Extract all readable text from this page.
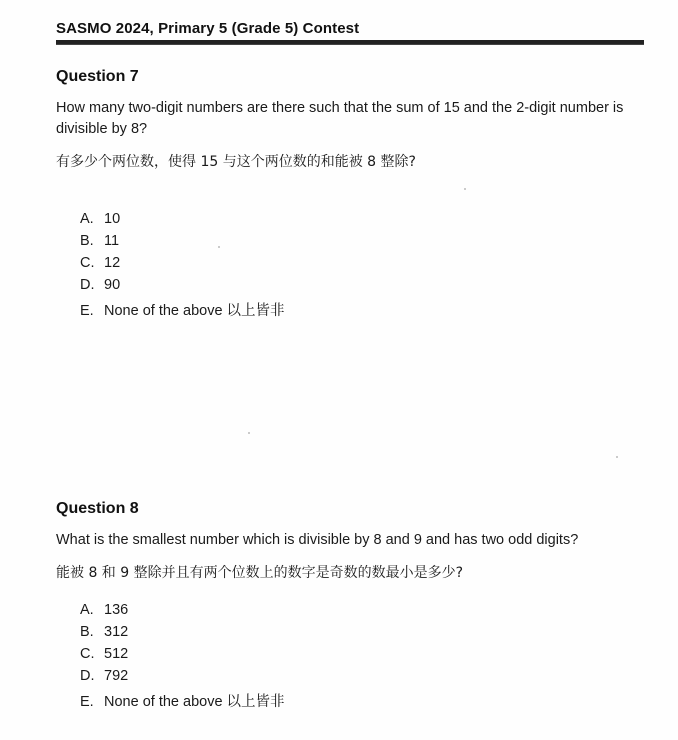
SASMO 2024, Primary 5 (Grade 5) Contest
Question 7
How many two-digit numbers are there such that the sum of 15 and the 2-digit number is divisible by 8?
有多少个两位数，使得 15 与这个两位数的和能被 8 整除?
A. 10
B. 11
C. 12
D. 90
E. None of the above 以上皆非
Question 8
What is the smallest number which is divisible by 8 and 9 and has two odd digits?
能被 8 和 9 整除并且有两个位数上的数字是奇数的数最小是多少?
A. 136
B. 312
C. 512
D. 792
E. None of the above 以上皆非
